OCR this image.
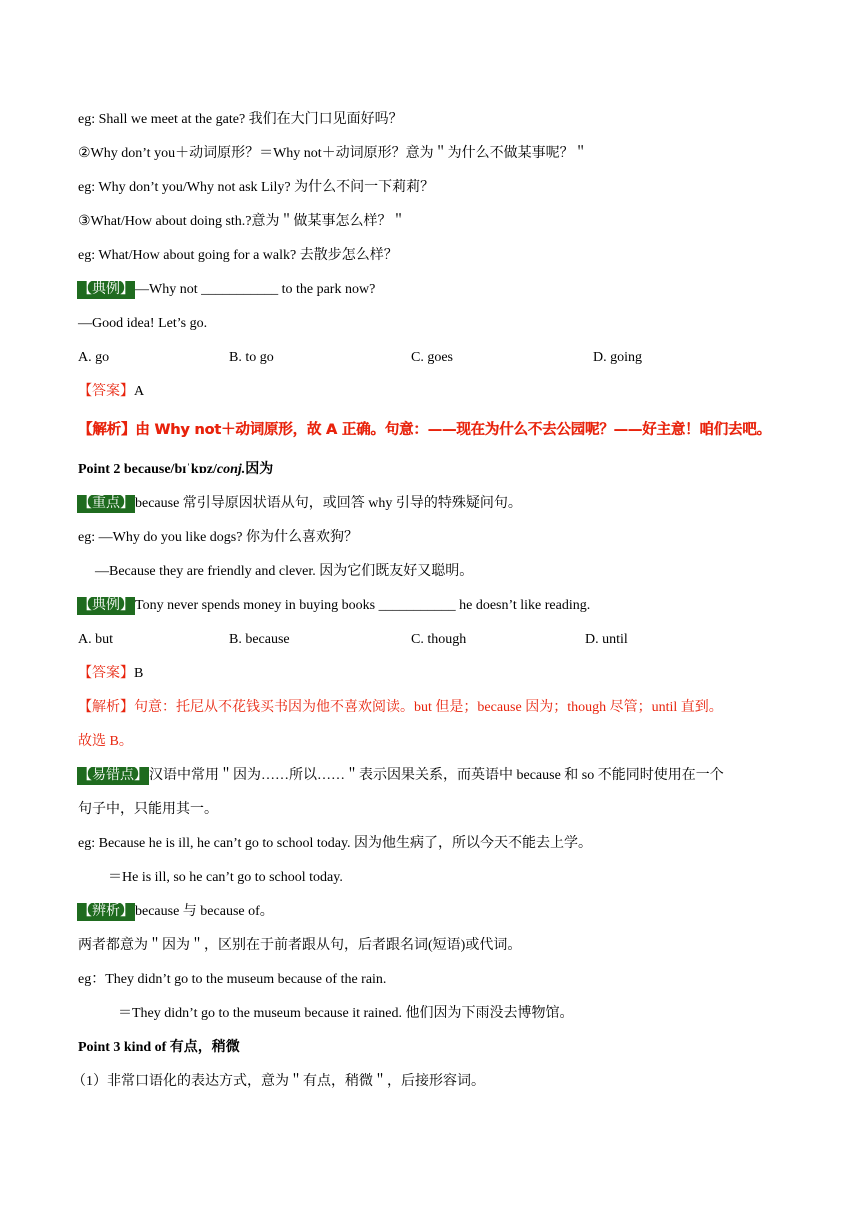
eg: Shall we meet at the gate? 我们在大门口见面好吗？
②Why don’t you＋动词原形？＝Why not＋动词原形？意为＂为什么不做某事呢？＂
eg: Why don’t you/Why not ask Lily? 为什么不问一下莉莉？
③What/How about doing sth.?意为＂做某事怎么样？＂
eg: What/How about going for a walk? 去散步怎么样？
【典例】—Why not ___________ to the park now?
—Good idea! Let’s go.
A. go	B. to go	C. goes	D. going
【答案】A
【解析】由 Why not＋动词原形，故 A 正确。句意：——现在为什么不去公园呢？——好主意！咱们去吧。
Point 2 because/bɪˈkɒz/conj.因为
【重点】because 常引导原因状语从句，或回答 why 引导的特殊疑问句。
eg: —Why do you like dogs? 你为什么喜欢狗？
—Because they are friendly and clever. 因为它们既友好又聪明。
【典例】Tony never spends money in buying books ___________ he doesn’t like reading.
A. but	B. because	C. though	D. until
【答案】B
【解析】句意：托尼从不花钱买书因为他不喜欢阅读。but 但是；because 因为；though 尽管；until 直到。
故选 B。
【易错点】汉语中常用＂因为……所以……＂表示因果关系，而英语中 because 和 so 不能同时使用在一个
句子中，只能用其一。
eg: Because he is ill, he can’t go to school today. 因为他生病了，所以今天不能去上学。
＝He is ill, so he can’t go to school today.
【辨析】because 与 because of。
两者都意为＂因为＂，区别在于前者跟从句，后者跟名词(短语)或代词。
eg：They didn’t go to the museum because of the rain.
＝They didn’t go to the museum because it rained. 他们因为下雨没去博物馆。
Point 3 kind of 有点，稍微
（1）非常口语化的表达方式，意为＂有点，稍微＂，后接形容词。
